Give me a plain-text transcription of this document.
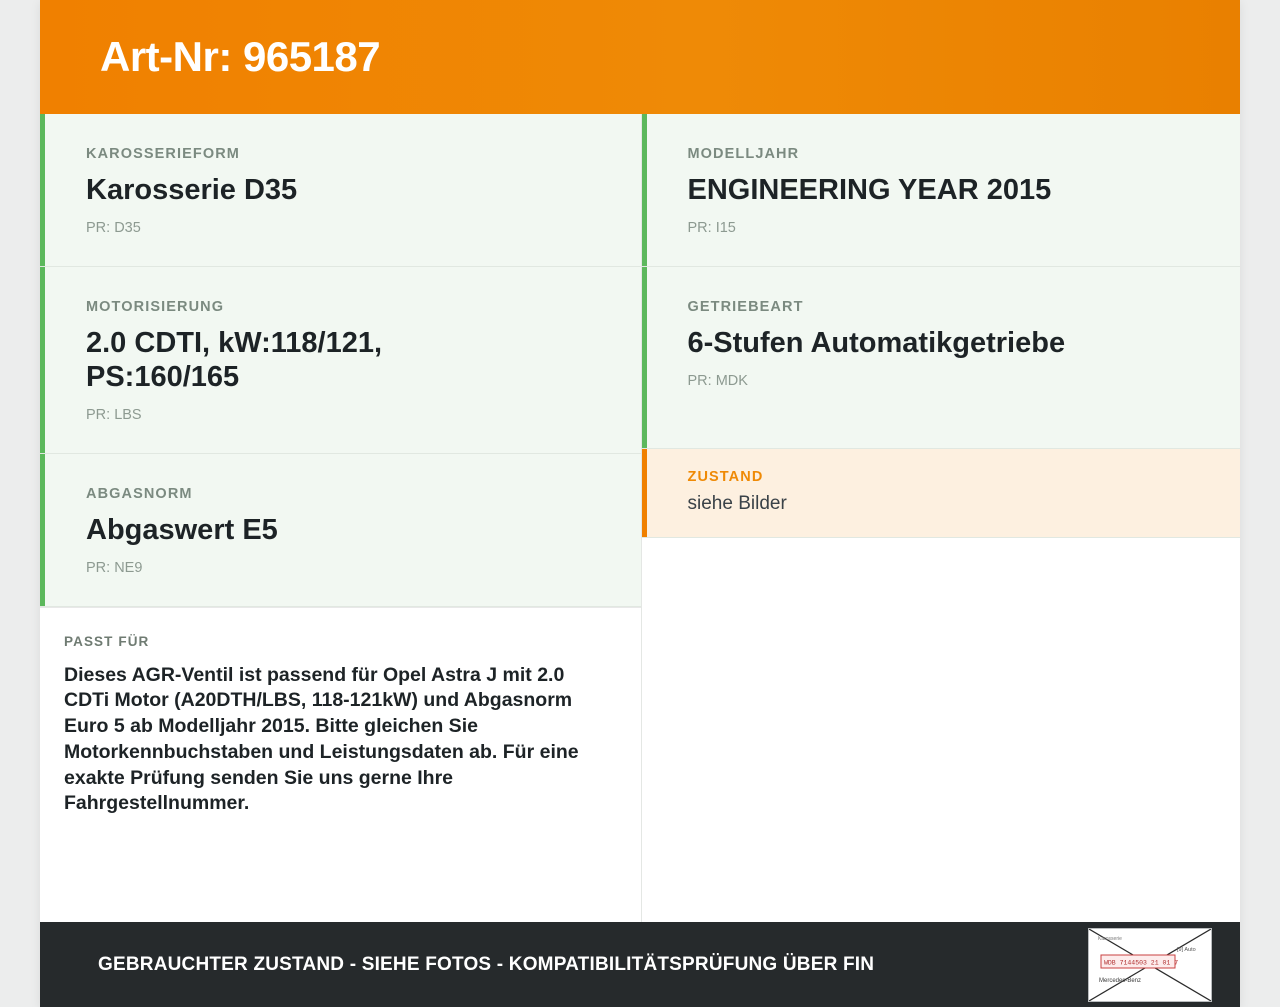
Art-Nr: 965187
KAROSSERIEFORM
Karosserie D35
PR: D35
MOTORISIERUNG
2.0 CDTI, kW:118/121, PS:160/165
PR: LBS
ABGASNORM
Abgaswert E5
PR: NE9
PASST FÜR
Dieses AGR-Ventil ist passend für Opel Astra J mit 2.0 CDTi Motor (A20DTH/LBS, 118-121kW) und Abgasnorm Euro 5 ab Modelljahr 2015. Bitte gleichen Sie Motorkennbuchstaben und Leistungsdaten ab. Für eine exakte Prüfung senden Sie uns gerne Ihre Fahrgestellnummer.
MODELLJAHR
ENGINEERING YEAR 2015
PR: I15
GETRIEBEART
6-Stufen Automatikgetriebe
PR: MDK
ZUSTAND
siehe Bilder
GEBRAUCHTER ZUSTAND - SIEHE FOTOS - KOMPATIBILITÄTSPRÜFUNG ÜBER FIN
Karosserie
WDB 7144503 21 01 7
[9] Auto
Mercedes-Benz
